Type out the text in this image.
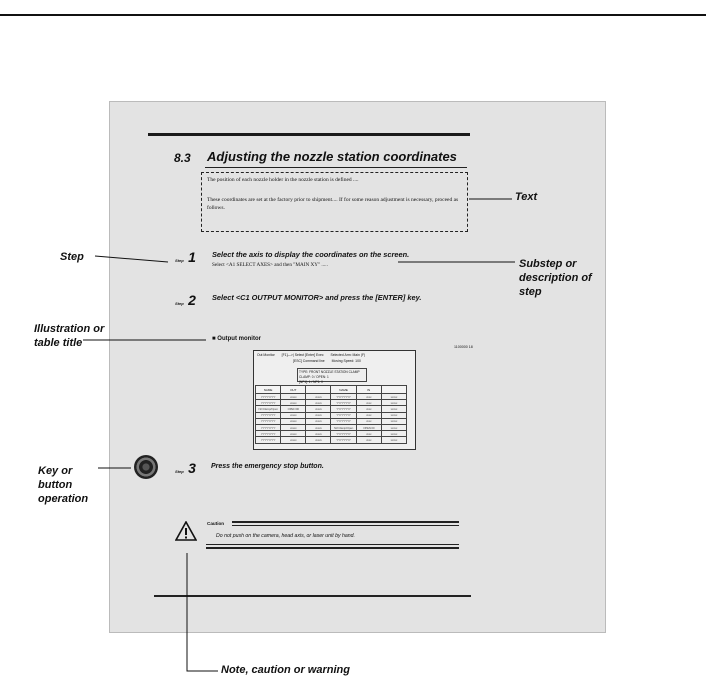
8.3 Adjusting the nozzle station coordinates
The position of each nozzle holder in the nozzle station is defined ....
These coordinates are set at the factory prior to shipment.... If for some reason adjustment is necessary, proceed as follows.
Step 1 Select the axis to display the coordinates on the screen.
Select <A1 SELECT AXES> and then "MAIN XY" .....
Step 2 Select <C1 OUTPUT MONITOR> and press the [ENTER] key.
■ Output monitor
1100000 18
Out Monitor [F1]—>| Select [Enter] Exec Selected Arm: Main (F)
[ESC] Command line Moving Speed: 100
TYPE: FRONT NOZZLE STATION CLAMP
CLAMP: 0 / OPEN: 1
[NP1]: 1 / NP1: 0
NAME	OUT		NAME	IN	
YYYYYYYY	xxxxx	xxxxx	YYYYYYYY	xxxx	xxxxx
YYYYYYYY	xxxxx	xxxxx	YYYYYYYY	xxxx	xxxxx
Nzl Clamp/Open	OPEN 00	xxxxx	YYYYYYYY	xxxx	xxxxx
YYYYYYYY	xxxxx	xxxxx	YYYYYYYY	xxxx	xxxxx
YYYYYYYY	xxxxx	xxxxx	YYYYYYYY	xxxx	xxxxx
YYYYYYYY	xxxxx	xxxxx	Nzl Clamp/Open	OPEN 00	xxxxx
YYYYYYYY	xxxxx	xxxxx	YYYYYYYY	xxxx	xxxxx
YYYYYYYY	xxxxx	xxxxx	YYYYYYYY	xxxx	xxxxx
Step 3 Press the emergency stop button.
Caution
Do not push on the camera, head axis, or laser unit by hand.
Text
Step
Substep or description of step
Illustration or table title
Key or button operation
Note, caution or warning
